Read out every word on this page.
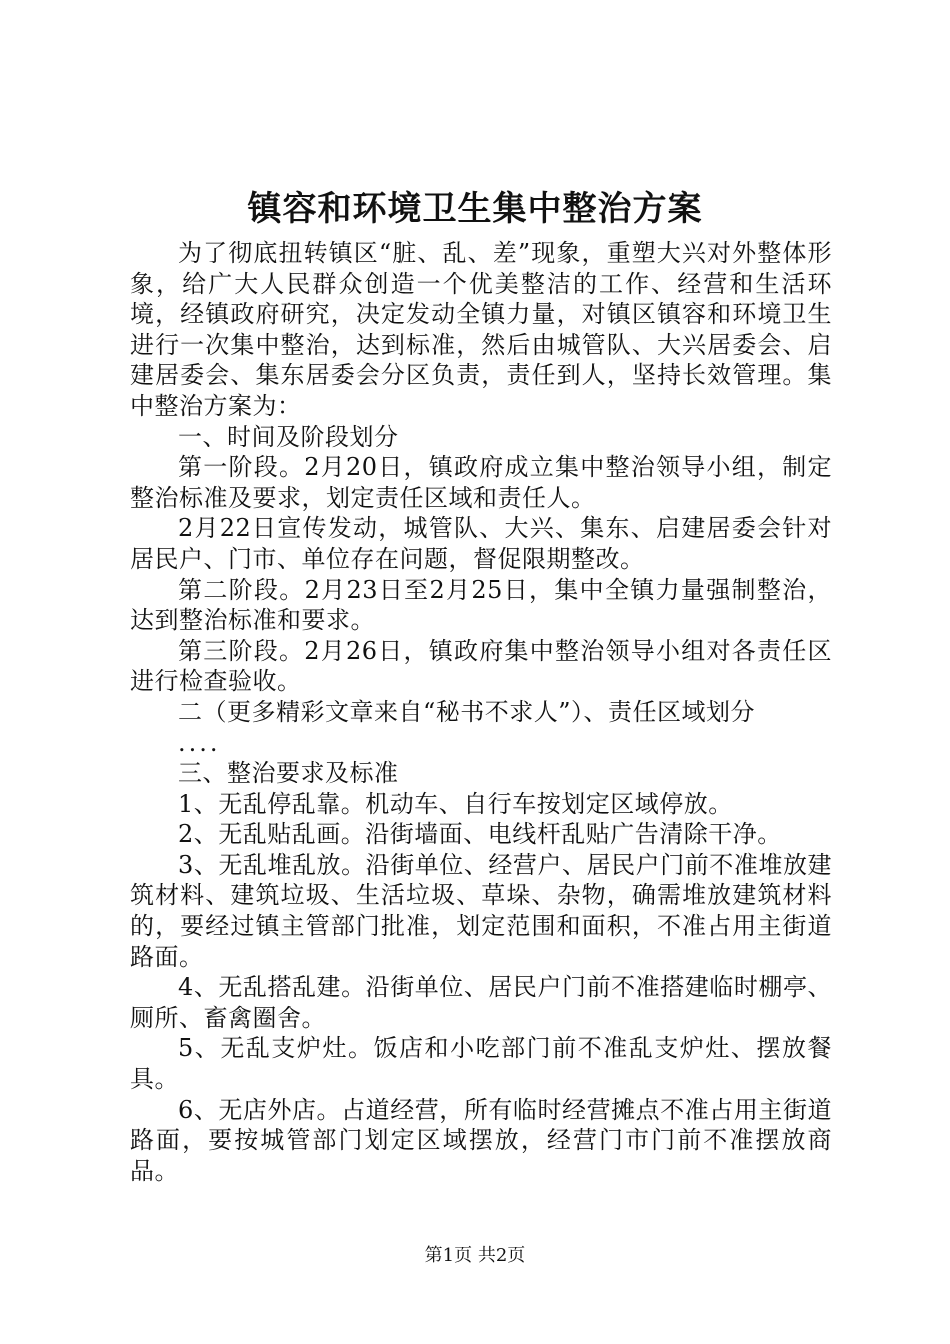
镇容和环境卫生集中整治方案

为了彻底扭转镇区“脏、乱、差”现象，重塑大兴对外整体形象，给广大人民群众创造一个优美整洁的工作、经营和生活环境，经镇政府研究，决定发动全镇力量，对镇区镇容和环境卫生进行一次集中整治，达到标准，然后由城管队、大兴居委会、启建居委会、集东居委会分区负责，责任到人，坚持长效管理。集中整治方案为：

一、时间及阶段划分

第一阶段。2月20日，镇政府成立集中整治领导小组，制定整治标准及要求，划定责任区域和责任人。

2月22日宣传发动，城管队、大兴、集东、启建居委会针对居民户、门市、单位存在问题，督促限期整改。

第二阶段。2月23日至2月25日，集中全镇力量强制整治，达到整治标准和要求。

第三阶段。2月26日，镇政府集中整治领导小组对各责任区进行检查验收。

二（更多精彩文章来自“秘书不求人”）、责任区域划分

....

三、整治要求及标准

1、无乱停乱靠。机动车、自行车按划定区域停放。

2、无乱贴乱画。沿街墙面、电线杆乱贴广告清除干净。

3、无乱堆乱放。沿街单位、经营户、居民户门前不准堆放建筑材料、建筑垃圾、生活垃圾、草垛、杂物，确需堆放建筑材料的，要经过镇主管部门批准，划定范围和面积，不准占用主街道路面。

4、无乱搭乱建。沿街单位、居民户门前不准搭建临时棚亭、厕所、畜禽圈舍。

5、无乱支炉灶。饭店和小吃部门前不准乱支炉灶、摆放餐具。

6、无店外店。占道经营，所有临时经营摊点不准占用主街道路面，要按城管部门划定区域摆放，经营门市门前不准摆放商品。

第1页 共2页
